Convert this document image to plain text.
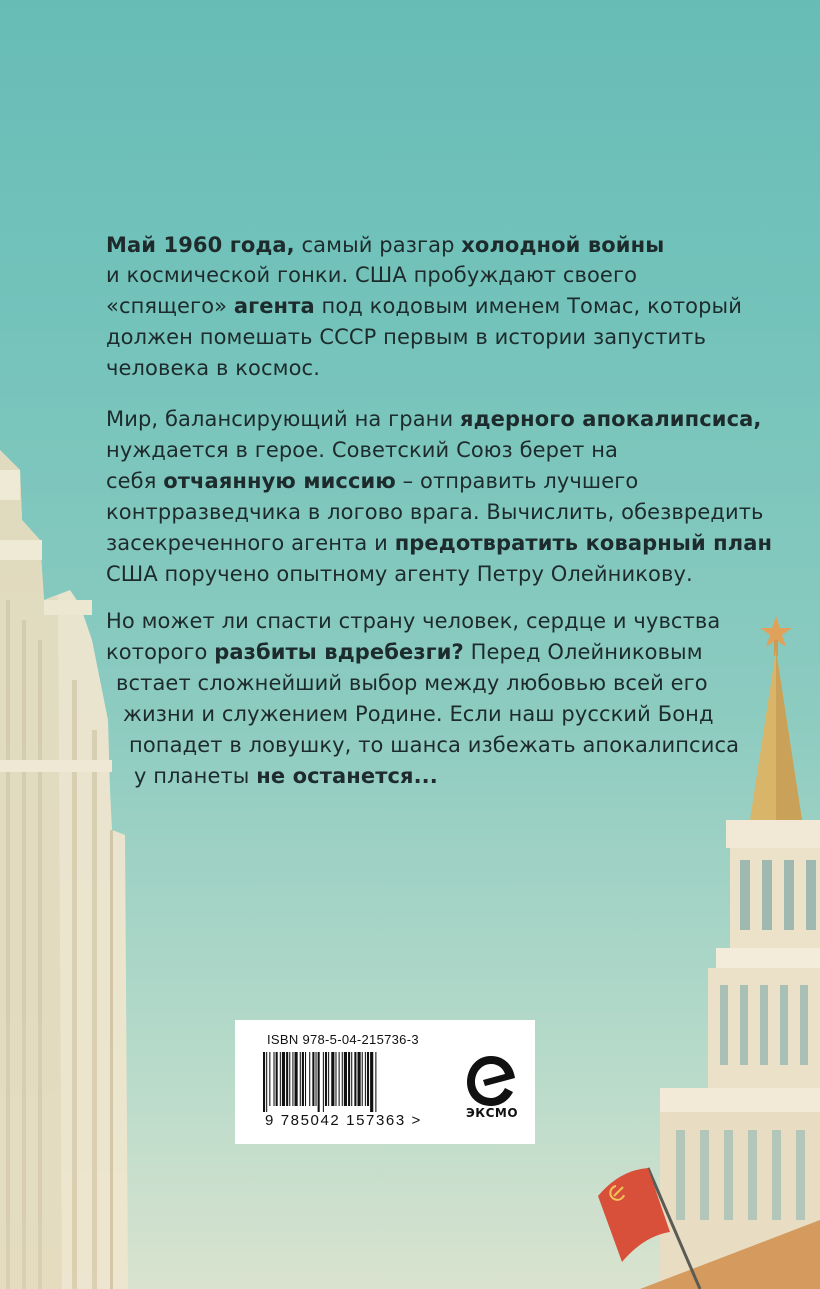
Май 1960 года, самый разгар холодной войны
и космической гонки. США пробуждают своего
«спящего» агента под кодовым именем Томас, который
должен помешать СССР первым в истории запустить
человека в космос.
Мир, балансирующий на грани ядерного апокалипсиса,
нуждается в герое. Советский Союз берет на
себя отчаянную миссию – отправить лучшего
контрразведчика в логово врага. Вычислить, обезвредить
засекреченного агента и предотвратить коварный план
США поручено опытному агенту Петру Олейникову.
Но может ли спасти страну человек, сердце и чувства
которого разбиты вдребезги? Перед Олейниковым
встает сложнейший выбор между любовью всей его
жизни и служением Родине. Если наш русский Бонд
попадет в ловушку, то шанса избежать апокалипсиса
у планеты не останется...
ISBN 978-5-04-215736-3
9 785042 157363 >	ЭКСМО
